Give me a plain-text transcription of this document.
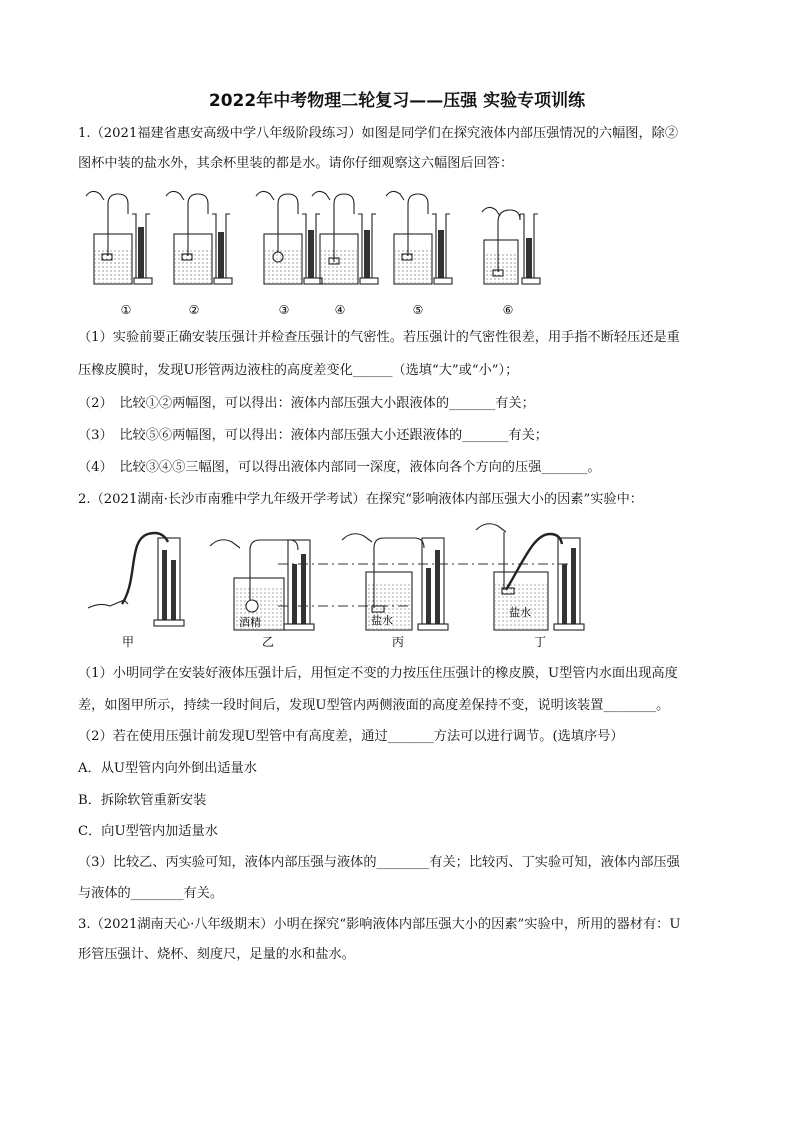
2022年中考物理二轮复习——压强 实验专项训练
1.（2021福建省惠安高级中学八年级阶段练习）如图是同学们在探究液体内部压强情况的六幅图，除②
图杯中装的盐水外，其余杯里装的都是水。请你仔细观察这六幅图后回答：
①	②	③	④	⑤	⑥
（1）实验前要正确安装压强计并检查压强计的气密性。若压强计的气密性很差，用手指不断轻压还是重
压橡皮膜时，发现U形管两边液柱的高度差变化______（选填“大”或“小”）；
（2）　比较①②两幅图，可以得出：液体内部压强大小跟液体的_______有关；
（3）　比较⑤⑥两幅图，可以得出：液体内部压强大小还跟液体的_______有关；
（4）　比较③④⑤三幅图，可以得出液体内部同一深度，液体向各个方向的压强_______。
2.（2021湖南·长沙市南雅中学九年级开学考试）在探究“影响液体内部压强大小的因素”实验中：
酒精	盐水
盐水
甲	乙	丙	丁
（1）小明同学在安装好液体压强计后，用恒定不变的力按压住压强计的橡皮膜，U型管内水面出现高度
差，如图甲所示，持续一段时间后，发现U型管内两侧液面的高度差保持不变，说明该装置________。
（2）若在使用压强计前发现U型管中有高度差，通过_______方法可以进行调节。(选填序号）
A．从U型管内向外倒出适量水
B．拆除软管重新安装
C．向U型管内加适量水
（3）比较乙、丙实验可知，液体内部压强与液体的________有关；比较丙、丁实验可知，液体内部压强
与液体的________有关。
3.（2021湖南天心·八年级期末）小明在探究“影响液体内部压强大小的因素”实验中，所用的器材有：U
形管压强计、烧杯、刻度尺，足量的水和盐水。
